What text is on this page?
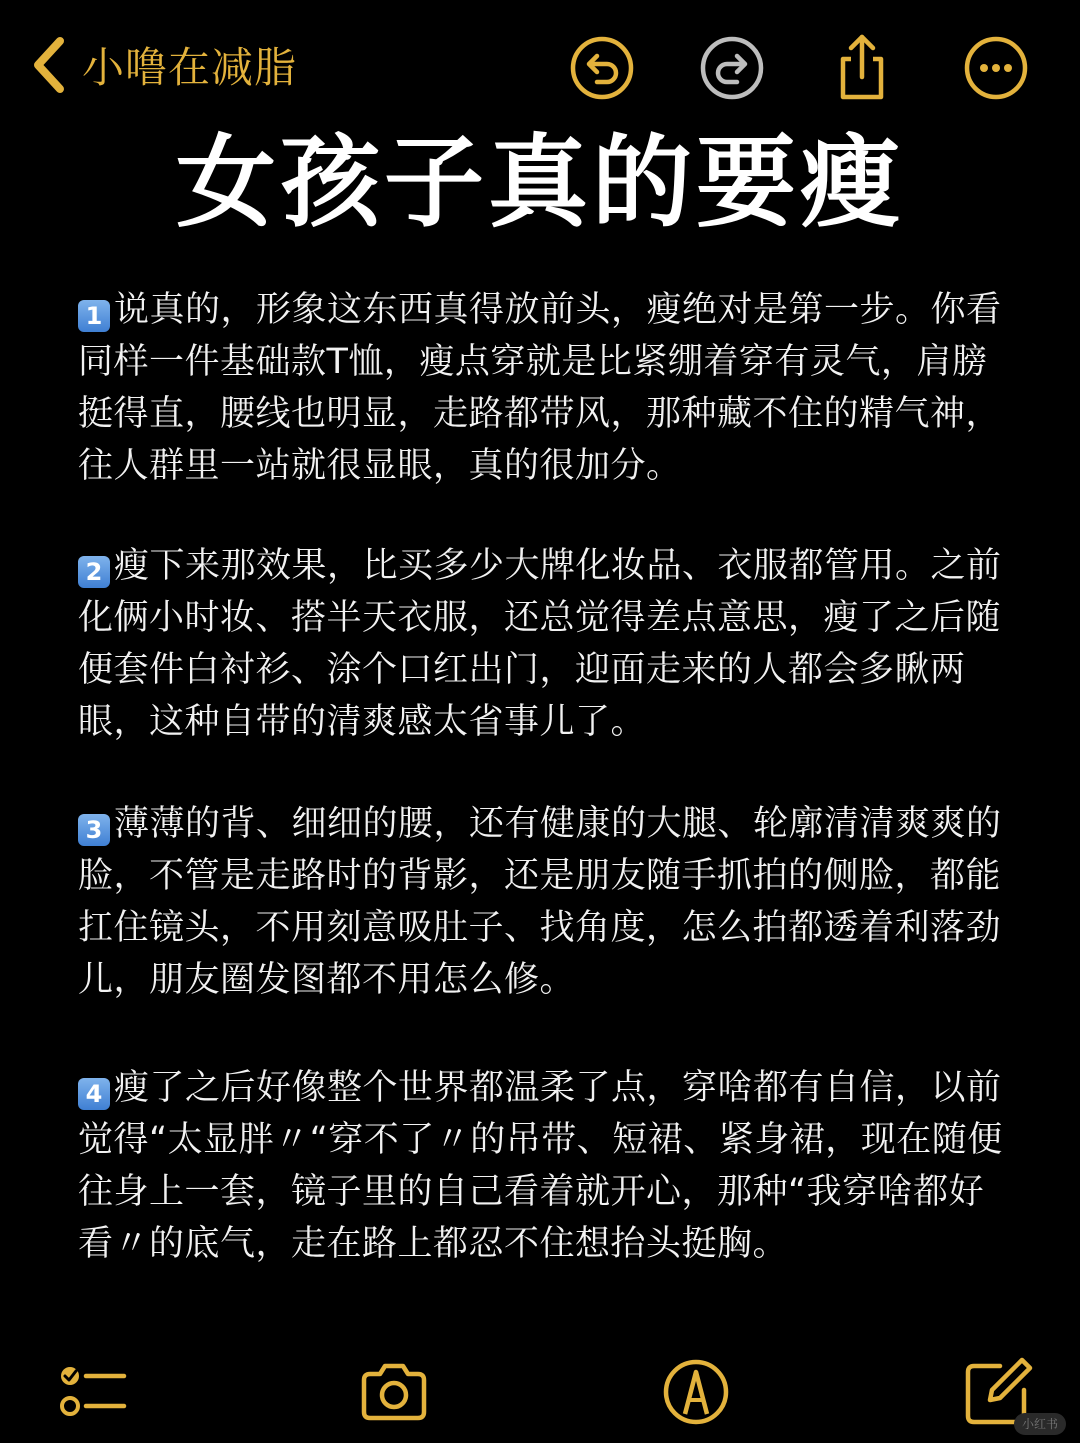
小噜在减脂
女孩子真的要瘦
1 说真的，形象这东西真得放前头，瘦绝对是第一步。你看同样一件基础款T恤，瘦点穿就是比紧绷着穿有灵气，肩膀挺得直，腰线也明显，走路都带风，那种藏不住的精气神，往人群里一站就很显眼，真的很加分。
2 瘦下来那效果，比买多少大牌化妆品、衣服都管用。之前化俩小时妆、搭半天衣服，还总觉得差点意思，瘦了之后随便套件白衬衫、涂个口红出门，迎面走来的人都会多瞅两眼，这种自带的清爽感太省事儿了。
3 薄薄的背、细细的腰，还有健康的大腿、轮廓清清爽爽的脸，不管是走路时的背影，还是朋友随手抓拍的侧脸，都能扛住镜头，不用刻意吸肚子、找角度，怎么拍都透着利落劲儿，朋友圈发图都不用怎么修。
4 瘦了之后好像整个世界都温柔了点，穿啥都有自信，以前觉得“太显胖〃“穿不了〃的吊带、短裙、紧身裙，现在随便往身上一套，镜子里的自己看着就开心，那种“我穿啥都好看〃的底气，走在路上都忍不住想抬头挺胸。
小红书
